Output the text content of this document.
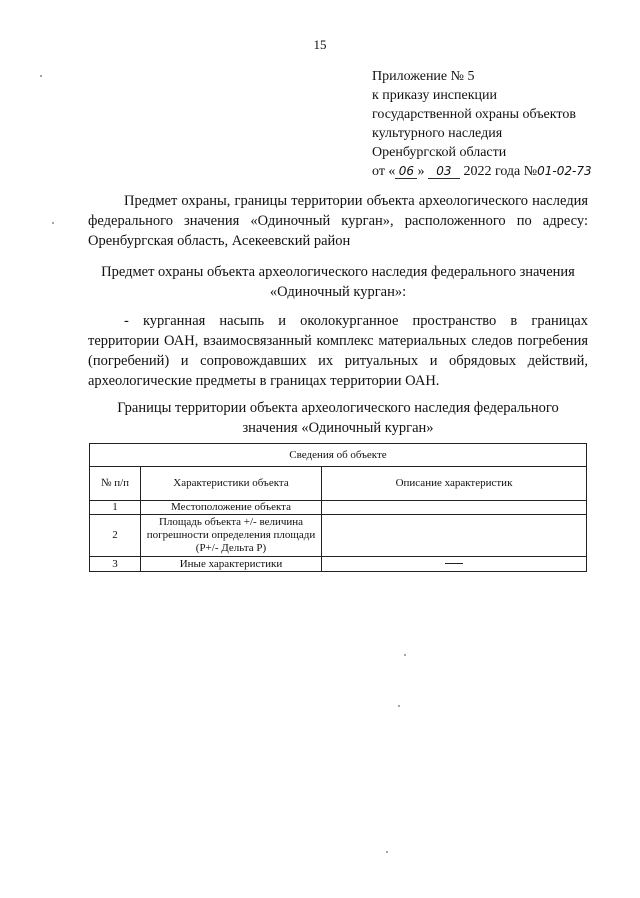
15
Приложение № 5
к приказу инспекции
государственной охраны объектов
культурного наследия
Оренбургской области
от « 06 » 03 2022 года №01-02-73
Предмет охраны, границы территории объекта археологического наследия федерального значения «Одиночный курган», расположенного по адресу: Оренбургская область, Асекеевский район
Предмет охраны объекта археологического наследия федерального значения «Одиночный курган»:
- курганная насыпь и околокурганное пространство в границах территории ОАН, взаимосвязанный комплекс материальных следов погребения (погребений) и сопровождавших их ритуальных и обрядовых действий, археологические предметы в границах территории ОАН.
Границы территории объекта археологического наследия федерального значения «Одиночный курган»
Сведения об объекте		
№ п/п	Характеристики объекта	Описание характеристик
1	Местоположение объекта	
2	Площадь объекта +/- величина погрешности определения площади (Р+/- Дельта Р)	
3	Иные характеристики	
